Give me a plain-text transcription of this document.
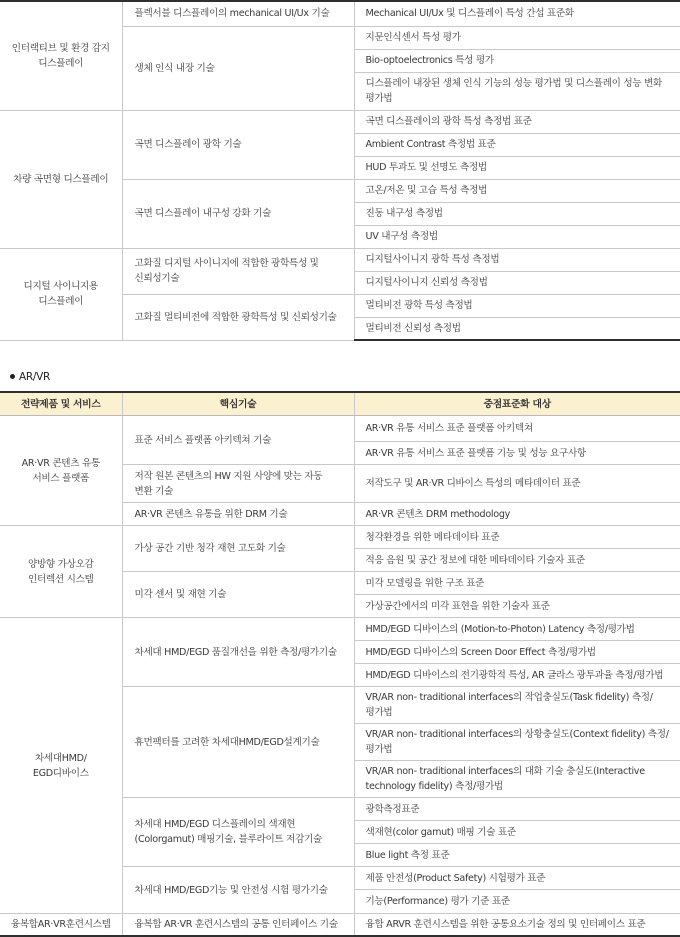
인터랙티브 및 환경 감지
디스플레이	플렉서블 디스플레이의 mechanical UI/Ux 기술	Mechanical UI/Ux 및 디스플레이 특성 간섭 표준화
	생체 인식 내장 기술	지문인식센서 특성 평가
		Bio-optoelectronics 특성 평가
		디스플레이 내장된 생체 인식 기능의 성능 평가법 및 디스플레이 성능 변화 평가법
차량 곡면형 디스플레이	곡면 디스플레이 광학 기술	곡면 디스플레이의 광학 특성 측정법 표준
		Ambient Contrast 측정법 표준
		HUD 투과도 및 선명도 측정법
	곡면 디스플레이 내구성 강화 기술	고온/저온 및 고습 특성 측정법
		진동 내구성 측정법
		UV 내구성 측정법
디지털 사이니지용
디스플레이	고화질 디지털 사이니지에 적합한 광학특성 및 신뢰성기술	디지털사이니지 광학 특성 측정법
		디지털사이니지 신뢰성 측정법
	고화질 멀티비전에 적합한 광학특성 및 신뢰성기술	멀티비전 광학 특성 측정법
		멀티비전 신뢰성 측정법
AR/VR
전략제품 및 서비스	핵심기술	중점표준화 대상
AR·VR 콘텐츠 유통
서비스 플랫폼	표준 서비스 플랫폼 아키텍쳐 기술	AR·VR 유통 서비스 표준 플랫폼 아키텍쳐
		AR·VR 유통 서비스 표준 플랫폼 기능 및 성능 요구사항
	저작 원본 콘텐츠의 HW 지원 사양에 맞는 자동 변환 기술	저작도구 및 AR·VR 디바이스 특성의 메타데이터 표준
	AR·VR 콘텐츠 유통을 위한 DRM 기술	AR·VR 콘텐츠 DRM methodology
양방향 가상오감
인터렉션 시스템	가상 공간 기반 청각 재현 고도화 기술	청각환경을 위한 메타데이타 표준
		적응 음원 및 공간 정보에 대한 메타데이타 기술자 표준
	미각 센서 및 재현 기술	미각 모델링을 위한 구조 표준
		가상공간에서의 미각 표현을 위한 기술자 표준
차세대HMD/
EGD디바이스	차세대 HMD/EGD 품질개선을 위한 측정/평가기술	HMD/EGD 디바이스의 (Motion-to-Photon) Latency 측정/평가법
		HMD/EGD 디바이스의 Screen Door Effect 측정/평가법
		HMD/EGD 디바이스의 전기광학적 특성, AR 글라스 광투과율 측정/평가법
	휴먼팩터를 고려한 차세대HMD/EGD설계기술	VR/AR non- traditional interfaces의 작업충실도(Task fidelity) 측정/평가법
		VR/AR non- traditional interfaces의 상황충실도(Context fidelity) 측정/평가법
		VR/AR non- traditional interfaces의 대화 기술 충실도(Interactive technology fidelity) 측정/평가법
	차세대 HMD/EGD 디스플레이의 색재현(Colorgamut) 매핑기술, 블루라이트 저감기술	광학측정표준
		색재현(color gamut) 매핑 기술 표준
		Blue light 측정 표준
	차세대 HMD/EGD기능 및 안전성 시험 평가기술	제품 안전성(Product Safety) 시험평가 표준
		기능(Performance) 평가 기준 표준
융복합AR·VR훈련시스템	융복합 AR·VR 훈련시스템의 공통 인터페이스 기술	융합 ARVR 훈련시스템을 위한 공통요소기술 정의 및 인터페이스 표준
